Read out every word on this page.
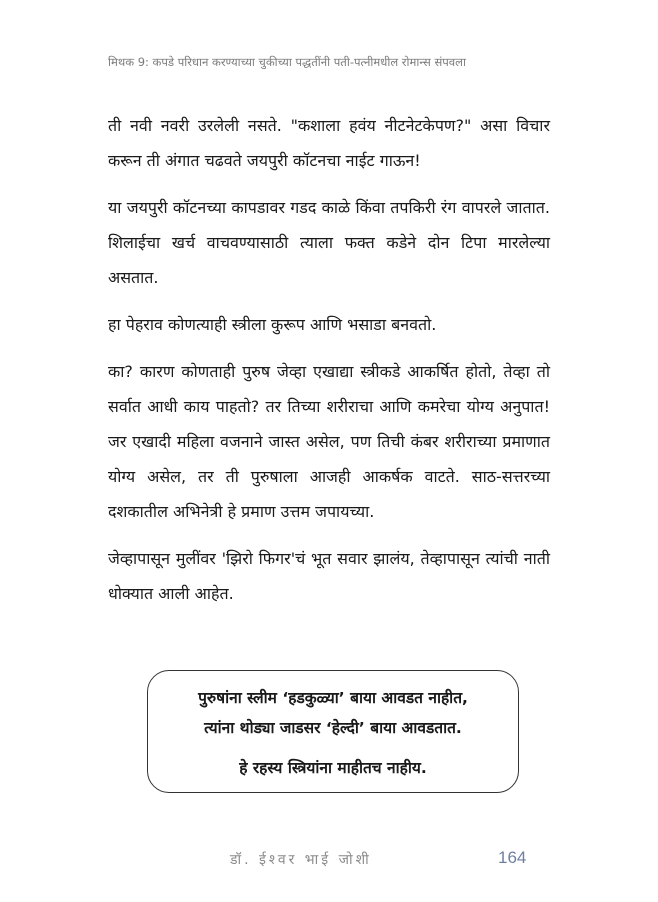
मिथक 9: कपडे परिधान करण्याच्या चुकीच्या पद्धतींनी पती-पत्नीमधील रोमान्स संपवला

ती नवी नवरी उरलेली नसते. "कशाला हवंय नीटनेटकेपण?" असा विचार करून ती अंगात चढवते जयपुरी कॉटनचा नाईट गाऊन!

या जयपुरी कॉटनच्या कापडावर गडद काळे किंवा तपकिरी रंग वापरले जातात. शिलाईचा खर्च वाचवण्यासाठी त्याला फक्त कडेने दोन टिपा मारलेल्या असतात.

हा पेहराव कोणत्याही स्त्रीला कुरूप आणि भसाडा बनवतो.

का? कारण कोणताही पुरुष जेव्हा एखाद्या स्त्रीकडे आकर्षित होतो, तेव्हा तो सर्वात आधी काय पाहतो? तर तिच्या शरीराचा आणि कमरेचा योग्य अनुपात! जर एखादी महिला वजनाने जास्त असेल, पण तिची कंबर शरीराच्या प्रमाणात योग्य असेल, तर ती पुरुषाला आजही आकर्षक वाटते. साठ-सत्तरच्या दशकातील अभिनेत्री हे प्रमाण उत्तम जपायच्या.

जेव्हापासून मुलींवर 'झिरो फिगर'चं भूत सवार झालंय, तेव्हापासून त्यांची नाती धोक्यात आली आहेत.

पुरुषांना स्लीम ‘हडकुळ्या’ बाया आवडत नाहीत,
त्यांना थोड्या जाडसर ‘हेल्दी’ बाया आवडतात.
हे रहस्य स्त्रियांना माहीतच नाहीय.
डॉ. ईश्वर भाई जोशी	164
